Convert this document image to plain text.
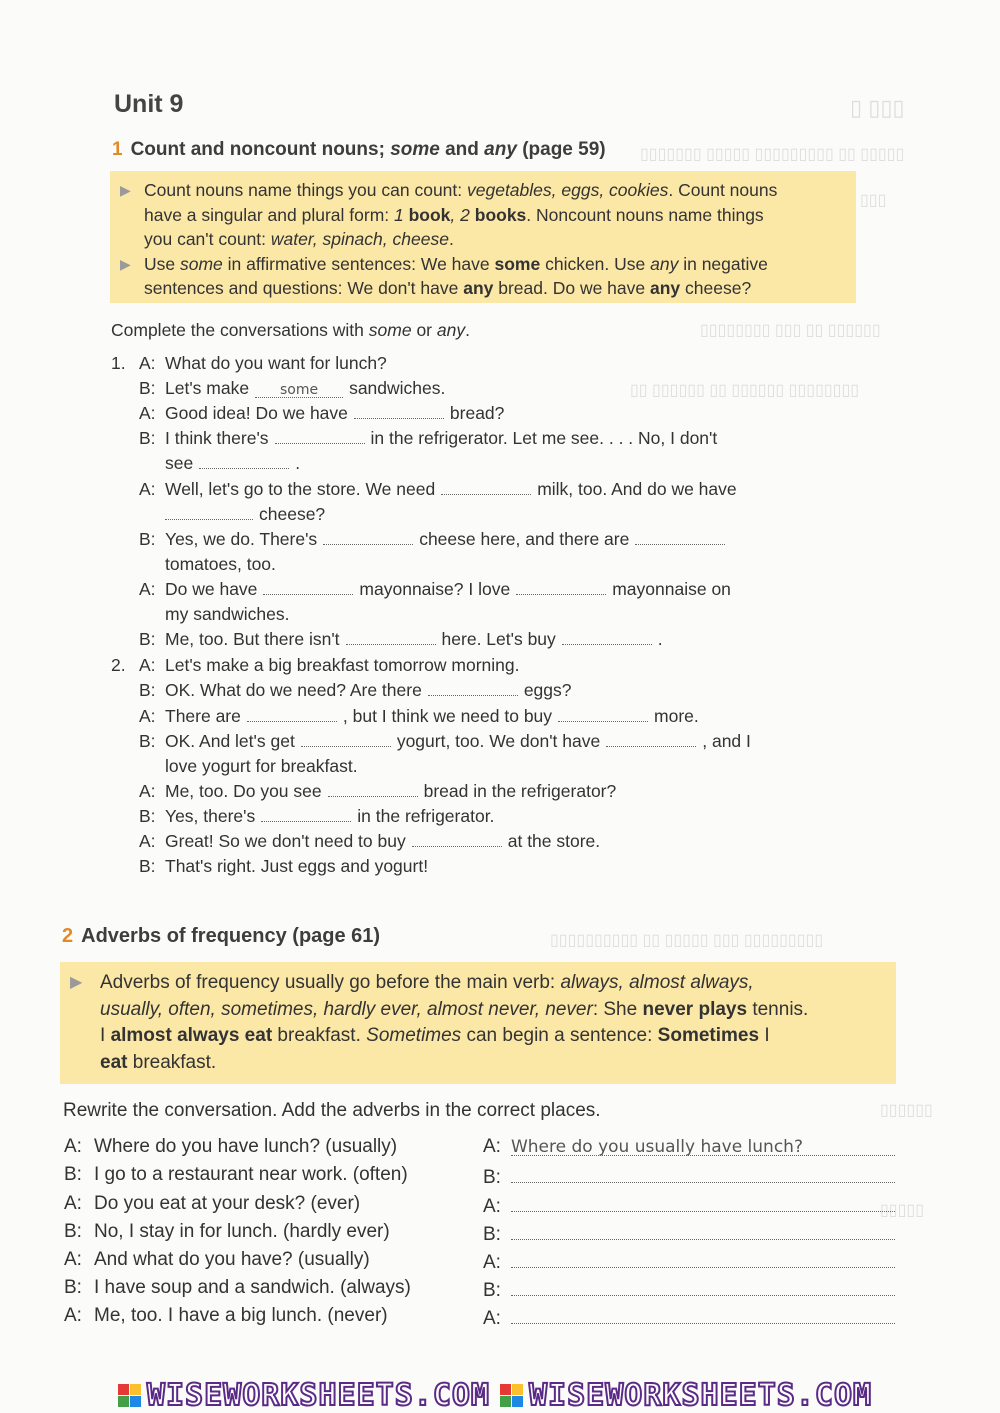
▯ ▯▯▯
▯▯▯▯▯▯▯ ▯▯▯▯▯ ▯▯▯▯▯▯▯▯▯ ▯▯ ▯▯▯▯▯
▯▯▯
▯▯▯▯▯▯▯▯ ▯▯▯ ▯▯ ▯▯▯▯▯▯
▯▯ ▯▯▯▯▯▯ ▯▯ ▯▯▯▯▯▯ ▯▯▯▯▯▯▯▯
▯▯▯▯▯▯▯▯▯▯ ▯▯ ▯▯▯▯▯ ▯▯▯ ▯▯▯▯▯▯▯▯▯
▯▯▯▯▯▯
▯▯▯▯▯
Unit 9
1 Count and noncount nouns; some and any (page 59)
▶ Count nouns name things you can count: vegetables, eggs, cookies. Count nouns
have a singular and plural form: 1 book, 2 books. Noncount nouns name things
you can't count: water, spinach, cheese.
▶ Use some in affirmative sentences: We have some chicken. Use any in negative
sentences and questions: We don't have any bread. Do we have any cheese?
Complete the conversations with some or any.
1. A: What do you want for lunch?
B: Let's make some sandwiches.
A: Good idea! Do we have	bread?
B: I think there's	in the refrigerator. Let me see. . . . No, I don't
see	.
A: Well, let's go to the store. We need	milk, too. And do we have
cheese?
B: Yes, we do. There's	cheese here, and there are
tomatoes, too.
A: Do we have	mayonnaise? I love	mayonnaise on
my sandwiches.
B: Me, too. But there isn't	here. Let's buy	.
2. A: Let's make a big breakfast tomorrow morning.
B: OK. What do we need? Are there	eggs?
A: There are	, but I think we need to buy	more.
B: OK. And let's get	yogurt, too. We don't have	, and I
love yogurt for breakfast.
A: Me, too. Do you see	bread in the refrigerator?
B: Yes, there's	in the refrigerator.
A: Great! So we don't need to buy	at the store.
B: That's right. Just eggs and yogurt!
2 Adverbs of frequency (page 61)
▶ Adverbs of frequency usually go before the main verb: always, almost always,
usually, often, sometimes, hardly ever, almost never, never: She never plays tennis.
I almost always eat breakfast. Sometimes can begin a sentence: Sometimes I
eat breakfast.
Rewrite the conversation. Add the adverbs in the correct places.
A: Where do you have lunch? (usually)	A: Where do you usually have lunch?
B: I go to a restaurant near work. (often)	B:
A: Do you eat at your desk? (ever)	A:
B: No, I stay in for lunch. (hardly ever)	B:
A: And what do you have? (usually)	A:
B: I have soup and a sandwich. (always)	B:
A: Me, too. I have a big lunch. (never)	A:
WISEWORKSHEETS.COM WISEWORKSHEETS.COM
